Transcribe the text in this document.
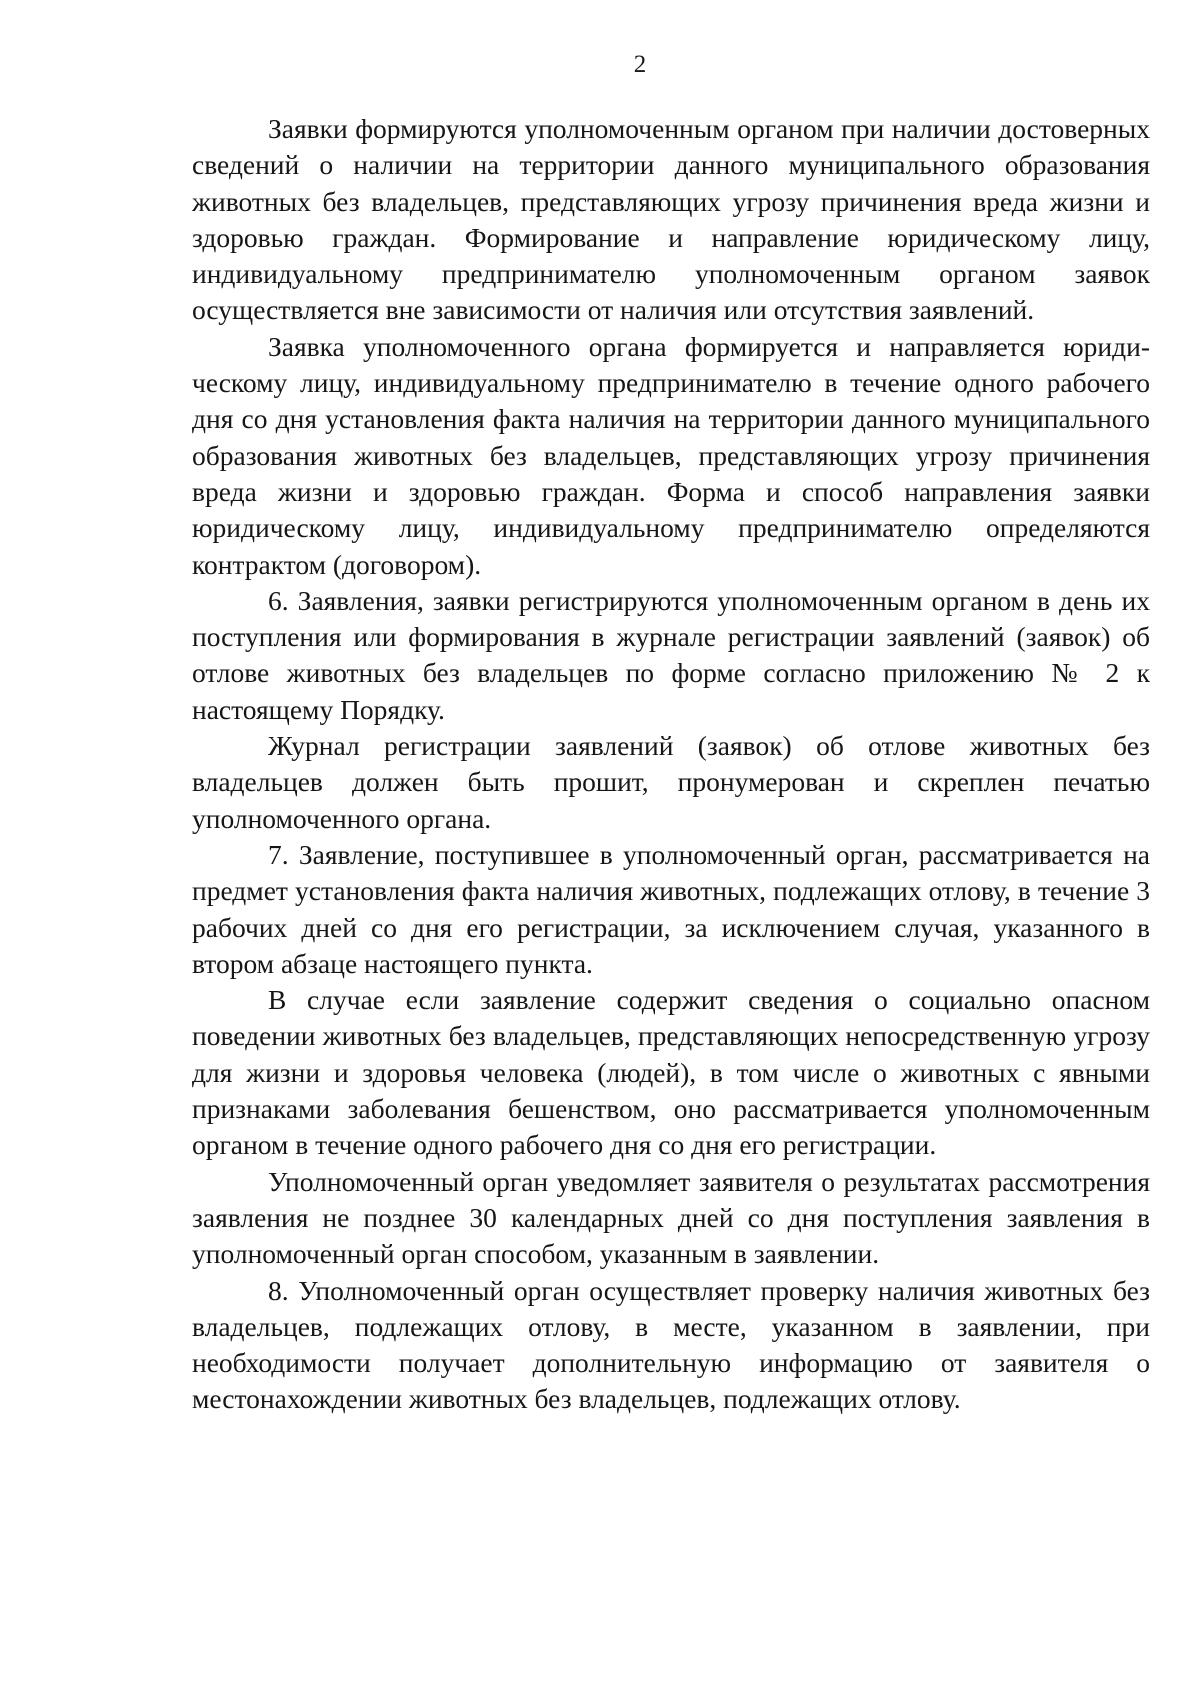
2

Заявки формируются уполномоченным органом при наличии достоверных сведений о наличии на территории данного муниципального образования животных без владельцев, представляющих угрозу причинения вреда жизни и здоровью граждан. Формирование и направление юридическому лицу, индивидуальному предпринимателю уполномоченным органом заявок осуществляется вне зависимости от наличия или отсутствия заявлений.

Заявка уполномоченного органа формируется и направляется юридическому лицу, индивидуальному предпринимателю в течение одного рабочего дня со дня установления факта наличия на территории данного муниципального образования животных без владельцев, представляющих угрозу причинения вреда жизни и здоровью граждан. Форма и способ направления заявки юридическому лицу, индивидуальному предпринимателю определяются контрактом (договором).

6. Заявления, заявки регистрируются уполномоченным органом в день их поступления или формирования в журнале регистрации заявлений (заявок) об отлове животных без владельцев по форме согласно приложению № 2 к настоящему Порядку.

Журнал регистрации заявлений (заявок) об отлове животных без владельцев должен быть прошит, пронумерован и скреплен печатью уполномоченного органа.

7. Заявление, поступившее в уполномоченный орган, рассматривается на предмет установления факта наличия животных, подлежащих отлову, в течение 3 рабочих дней со дня его регистрации, за исключением случая, указанного в втором абзаце настоящего пункта.

В случае если заявление содержит сведения о социально опасном поведении животных без владельцев, представляющих непосредственную угрозу для жизни и здоровья человека (людей), в том числе о животных с явными признаками заболевания бешенством, оно рассматривается уполномоченным органом в течение одного рабочего дня со дня его регистрации.

Уполномоченный орган уведомляет заявителя о результатах рассмотрения заявления не позднее 30 календарных дней со дня поступления заявления в уполномоченный орган способом, указанным в заявлении.

8. Уполномоченный орган осуществляет проверку наличия животных без владельцев, подлежащих отлову, в месте, указанном в заявлении, при необходимости получает дополнительную информацию от заявителя о местонахождении животных без владельцев, подлежащих отлову.
